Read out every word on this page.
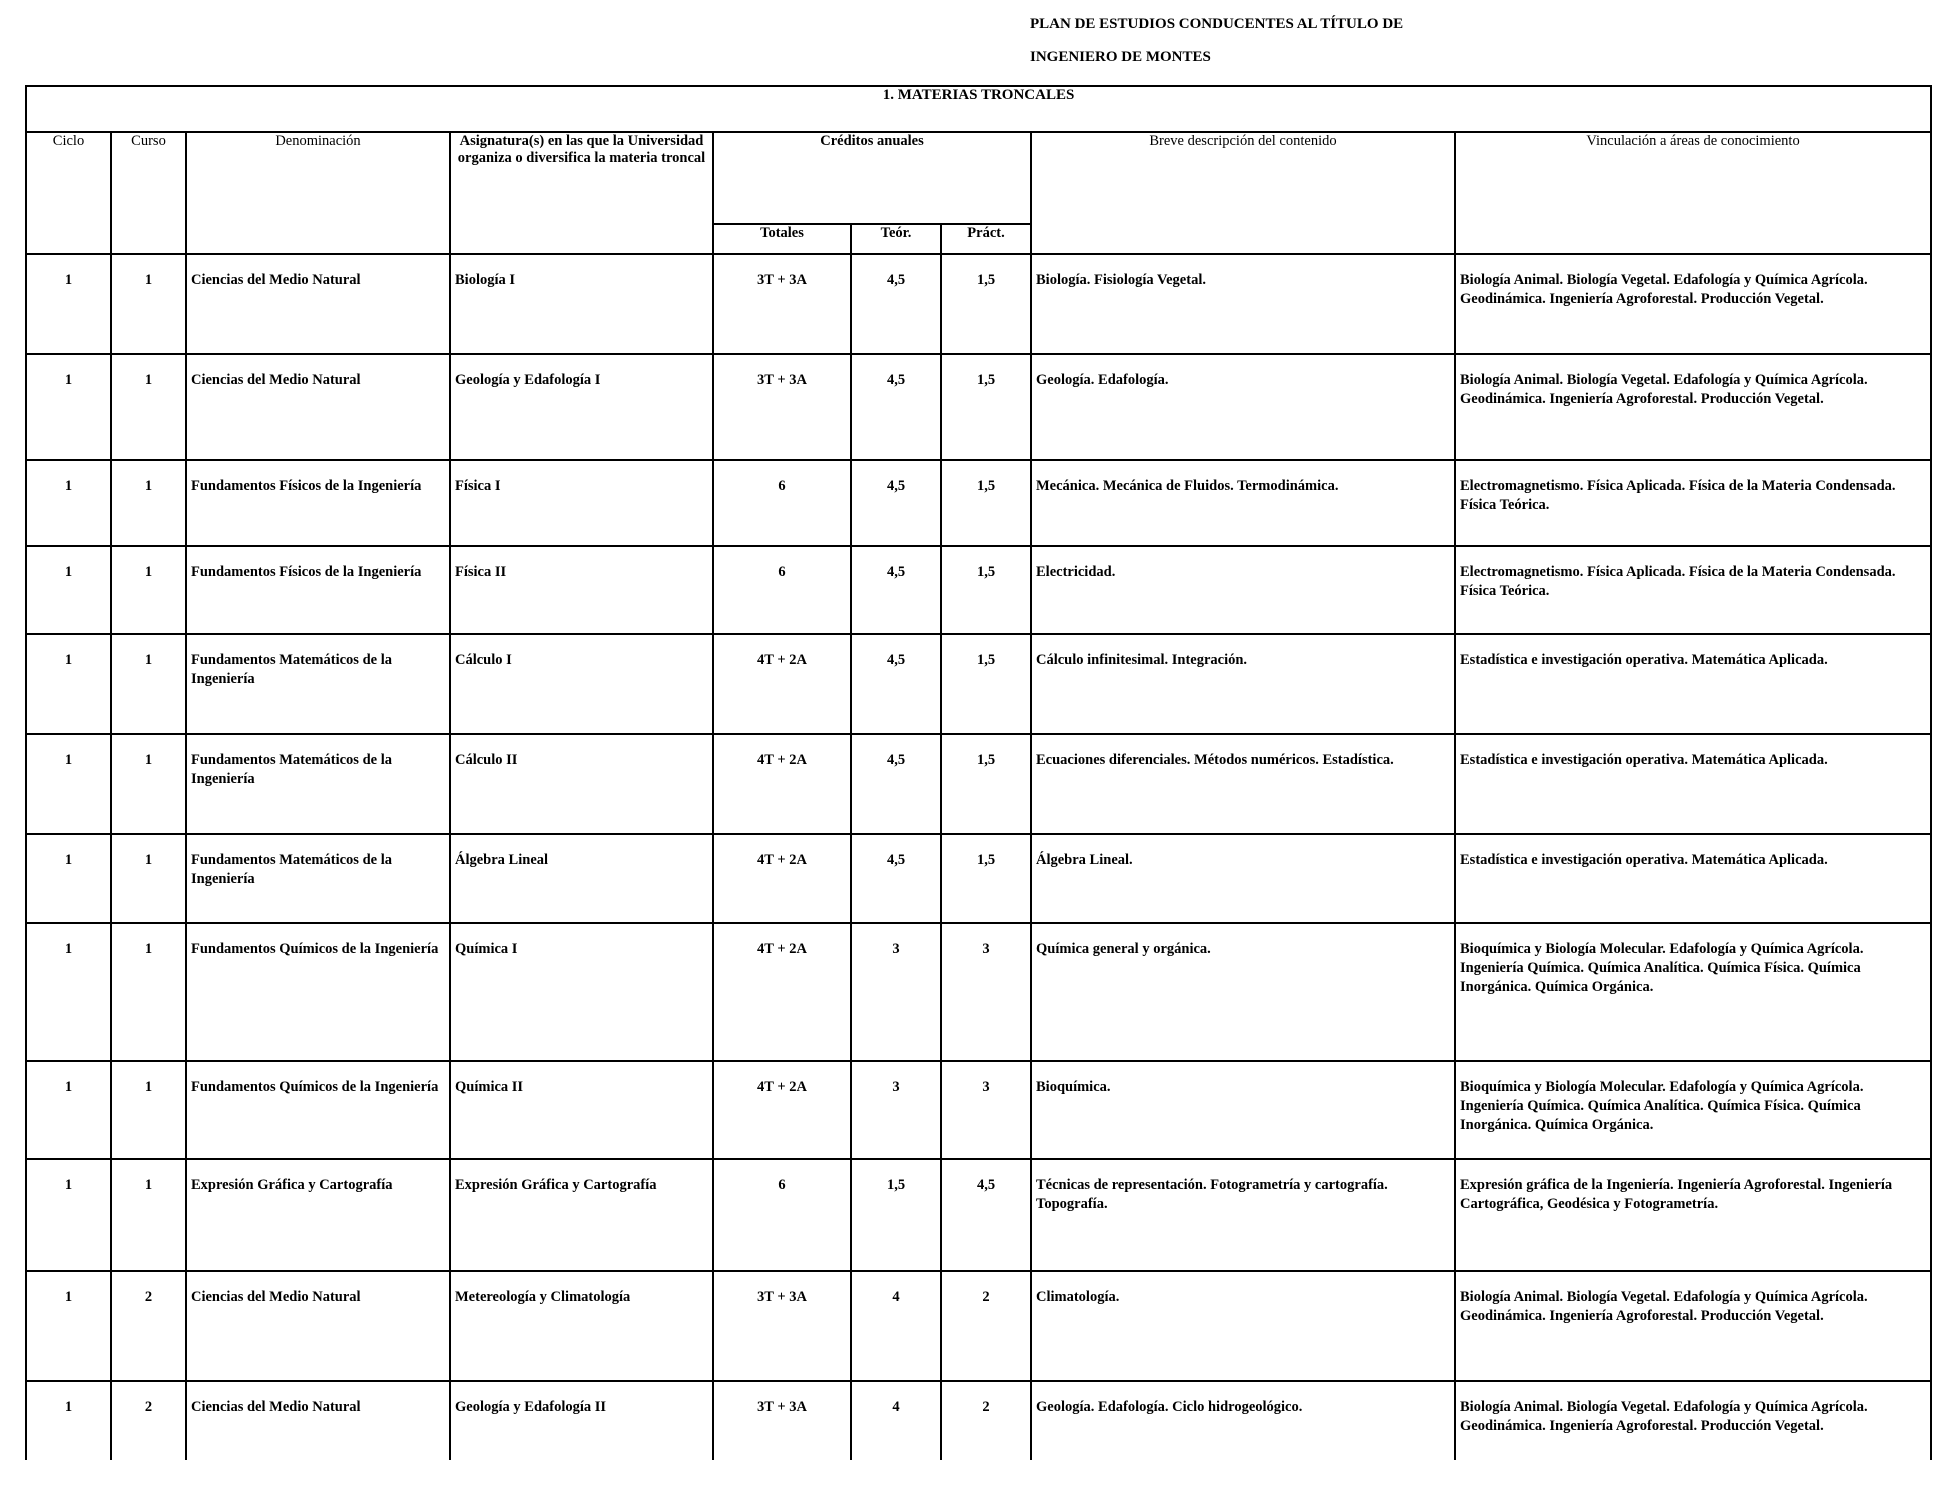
PLAN DE ESTUDIOS CONDUCENTES AL TÍTULO DE
INGENIERO DE MONTES
1. MATERIAS TRONCALES								
Ciclo	Curso	Denominación	Asignatura(s) en las que la Universidad organiza o diversifica la materia troncal	Créditos anuales			Breve descripción del contenido	Vinculación a áreas de conocimiento
				Totales	Teór.	Práct.		

1	1	Ciencias del Medio Natural	Biología I	3T + 3A	4,5	1,5	Biología. Fisiología Vegetal.	Biología Animal. Biología Vegetal. Edafología y Química Agrícola. Geodinámica. Ingeniería Agroforestal. Producción Vegetal.

1	1	Ciencias del Medio Natural	Geología y Edafología I	3T + 3A	4,5	1,5	Geología. Edafología.	Biología Animal. Biología Vegetal. Edafología y Química Agrícola. Geodinámica. Ingeniería Agroforestal. Producción Vegetal.

1	1	Fundamentos Físicos de la Ingeniería	Física I	6	4,5	1,5	Mecánica. Mecánica de Fluidos. Termodinámica.	Electromagnetismo. Física Aplicada. Física de la Materia Condensada. Física Teórica.

1	1	Fundamentos Físicos de la Ingeniería	Física II	6	4,5	1,5	Electricidad.	Electromagnetismo. Física Aplicada. Física de la Materia Condensada. Física Teórica.

1	1	Fundamentos Matemáticos de la Ingeniería	Cálculo I	4T + 2A	4,5	1,5	Cálculo infinitesimal. Integración.	Estadística e investigación operativa. Matemática Aplicada.

1	1	Fundamentos Matemáticos de la Ingeniería	Cálculo II	4T + 2A	4,5	1,5	Ecuaciones diferenciales. Métodos numéricos. Estadística.	Estadística e investigación operativa. Matemática Aplicada.

1	1	Fundamentos Matemáticos de la Ingeniería	Álgebra Lineal	4T + 2A	4,5	1,5	Álgebra Lineal.	Estadística e investigación operativa. Matemática Aplicada.

1	1	Fundamentos Químicos de la Ingeniería	Química I	4T + 2A	3	3	Química general y orgánica.	Bioquímica y Biología Molecular. Edafología y Química Agrícola. Ingeniería Química. Química Analítica. Química Física. Química Inorgánica. Química Orgánica.

1	1	Fundamentos Químicos de la Ingeniería	Química II	4T + 2A	3	3	Bioquímica.	Bioquímica y Biología Molecular. Edafología y Química Agrícola. Ingeniería Química. Química Analítica. Química Física. Química Inorgánica. Química Orgánica.

1	1	Expresión Gráfica y Cartografía	Expresión Gráfica y Cartografía	6	1,5	4,5	Técnicas de representación. Fotogrametría y cartografía. Topografía.	Expresión gráfica de la Ingeniería. Ingeniería Agroforestal. Ingeniería Cartográfica, Geodésica y Fotogrametría.

1	2	Ciencias del Medio Natural	Metereología y Climatología	3T + 3A	4	2	Climatología.	Biología Animal. Biología Vegetal. Edafología y Química Agrícola. Geodinámica. Ingeniería Agroforestal. Producción Vegetal.

1	2	Ciencias del Medio Natural	Geología y Edafología II	3T + 3A	4	2	Geología. Edafología. Ciclo hidrogeológico.	Biología Animal. Biología Vegetal. Edafología y Química Agrícola. Geodinámica. Ingeniería Agroforestal. Producción Vegetal.
